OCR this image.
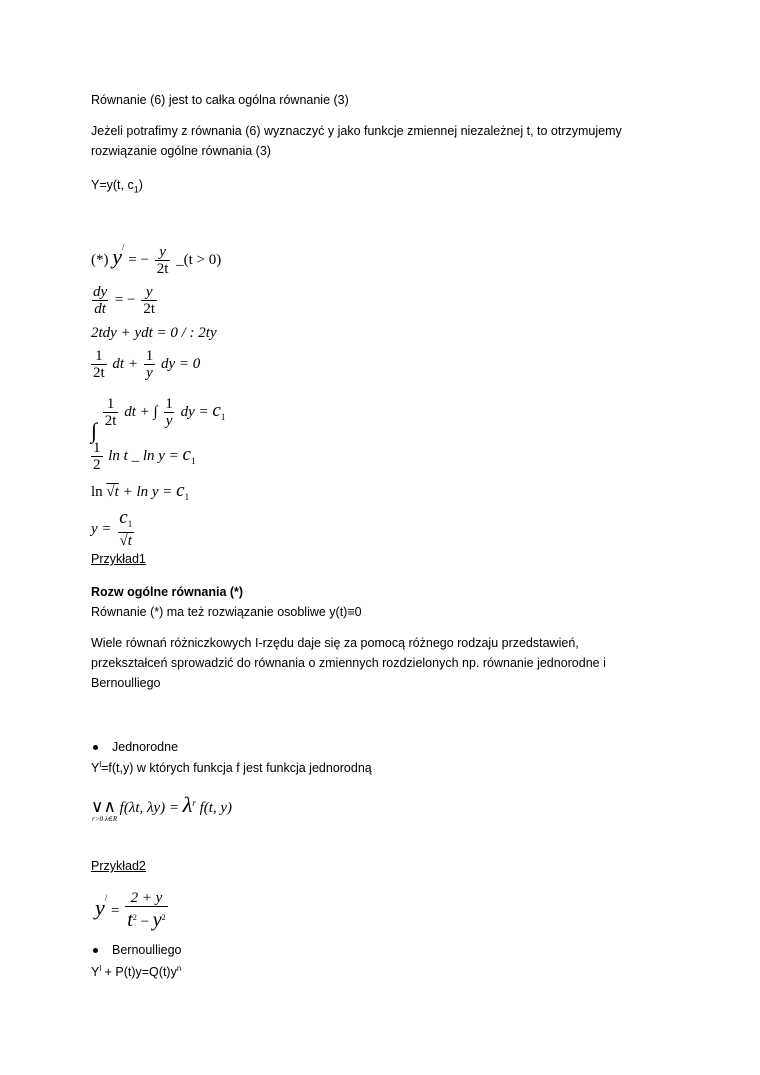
Równanie (6) jest to całka ogólna równanie (3)
Jeżeli potrafimy z równania (6) wyznaczyć y jako funkcje zmiennej niezależnej t, to otrzymujemy
rozwiązanie ogólne równania (3)
Y=y(t, $c_1$)
(*) y/ = − $\frac{y}{2t}$ _(t > 0)
$\frac{dy}{dt}$ = − $\frac{y}{2t}$
2tdy + ydt = 0 / : 2ty
$\frac{1}{2t}$ dt + $\frac{1}{y}$ dy = 0
∫
$\frac{1}{2t}$ dt + ∫ $\frac{1}{y}$ dy = $c_1$
$\frac{1}{2}$ ln t _ $\ln y = c_1$
$\ln √t + \ln y = c_1$
$y = \frac{c_1}{√t}$
Przykład1
Rozw ogólne równania (*)
Równanie (*) ma też rozwiązanie osobliwe y(t)≡0
Wiele równań różniczkowych I-rzędu daje się za pomocą różnego rodzaju przedstawień,
przekształceń sprowadzić do równania o zmiennych rozdzielonych np. równanie jednorodne i
Bernoulliego
Jednorodne
$Y^l=f(t,y)$ w których funkcja f jest funkcja jednorodną
∨∧ f(λt, $\lambda y) = \lambda^r$ f(t, y)
r>0 λ∈R
Przykład2
$y^/ = \frac{2 + y}{t^2 - y^2}$
Bernoulliego
$Y^l + P(t)y=Q(t)y^n$
